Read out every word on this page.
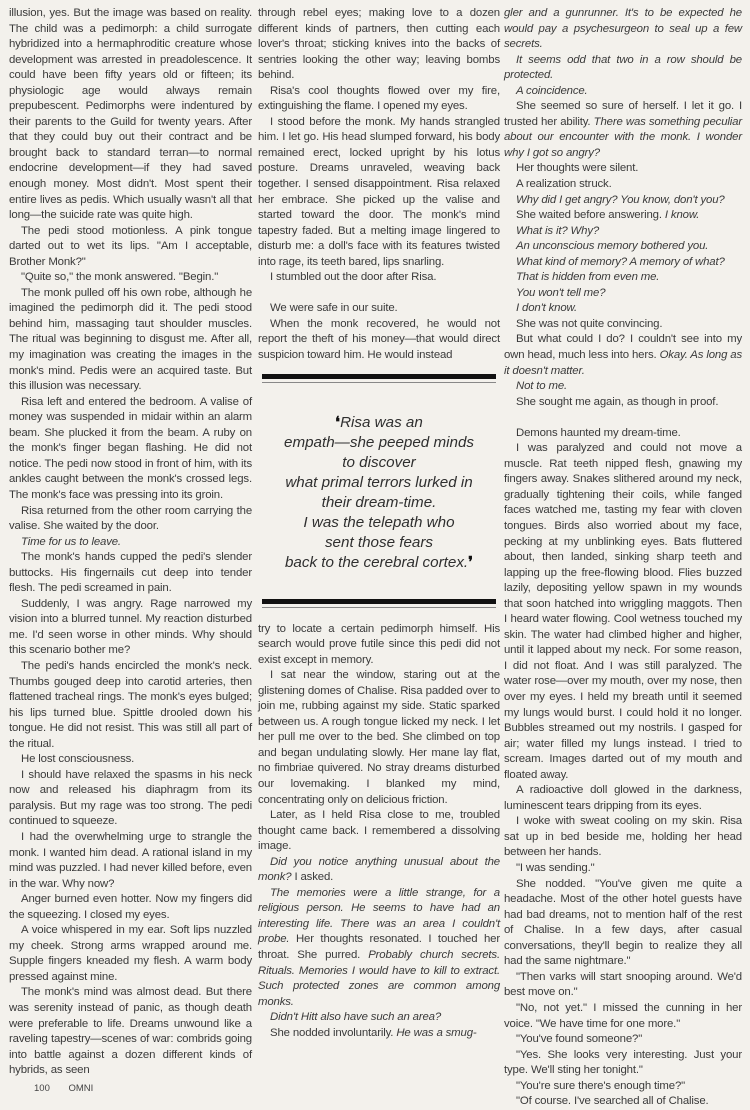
illusion, yes. But the image was based on reality. The child was a pedimorph: a child surrogate hybridized into a hermaphroditic creature whose development was arrested in preadolescence. It could have been fifty years old or fifteen; its physiologic age would always remain prepubescent. Pedimorphs were indentured by their parents to the Guild for twenty years. After that they could buy out their contract and be brought back to standard terran—to normal endocrine development—if they had saved enough money. Most didn't. Most spent their entire lives as pedis. Which usually wasn't all that long—the suicide rate was quite high.

The pedi stood motionless. A pink tongue darted out to wet its lips. "Am I acceptable, Brother Monk?"

"Quite so," the monk answered. "Begin."

The monk pulled off his own robe, although he imagined the pedimorph did it. The pedi stood behind him, massaging taut shoulder muscles. The ritual was beginning to disgust me. After all, my imagination was creating the images in the monk's mind. Pedis were an acquired taste. But this illusion was necessary.

Risa left and entered the bedroom. A valise of money was suspended in midair within an alarm beam. She plucked it from the beam. A ruby on the monk's finger began flashing. He did not notice. The pedi now stood in front of him, with its ankles caught between the monk's crossed legs. The monk's face was pressing into its groin.

Risa returned from the other room carrying the valise. She waited by the door.

Time for us to leave.

The monk's hands cupped the pedi's slender buttocks. His fingernails cut deep into tender flesh. The pedi screamed in pain.

Suddenly, I was angry. Rage narrowed my vision into a blurred tunnel. My reaction disturbed me. I'd seen worse in other minds. Why should this scenario bother me?

The pedi's hands encircled the monk's neck. Thumbs gouged deep into carotid arteries, then flattened tracheal rings. The monk's eyes bulged; his lips turned blue. Spittle drooled down his tongue. He did not resist. This was still all part of the ritual.

He lost consciousness.

I should have relaxed the spasms in his neck now and released his diaphragm from its paralysis. But my rage was too strong. The pedi continued to squeeze.

I had the overwhelming urge to strangle the monk. I wanted him dead. A rational island in my mind was puzzled. I had never killed before, even in the war. Why now?

Anger burned even hotter. Now my fingers did the squeezing. I closed my eyes.

A voice whispered in my ear. Soft lips nuzzled my cheek. Strong arms wrapped around me. Supple fingers kneaded my flesh. A warm body pressed against mine.

The monk's mind was almost dead. But there was serenity instead of panic, as though death were preferable to life. Dreams unwound like a raveling tapestry—scenes of war: combrids going into battle against a dozen different kinds of hybrids, as seen

100 OMNI

through rebel eyes; making love to a dozen different kinds of partners, then cutting each lover's throat; sticking knives into the backs of sentries looking the other way; leaving bombs behind.

Risa's cool thoughts flowed over my fire, extinguishing the flame. I opened my eyes.

I stood before the monk. My hands strangled him. I let go. His head slumped forward, his body remained erect, locked upright by his lotus posture. Dreams unraveled, weaving back together. I sensed disappointment. Risa relaxed her embrace. She picked up the valise and started toward the door. The monk's mind tapestry faded. But a melting image lingered to disturb me: a doll's face with its features twisted into rage, its teeth bared, lips snarling.

I stumbled out the door after Risa.

We were safe in our suite.

When the monk recovered, he would not report the theft of his money—that would direct suspicion toward him. He would instead

❛Risa was an
empath—she peeped minds
to discover
what primal terrors lurked in
their dream-time.
I was the telepath who
sent those fears
back to the cerebral cortex.❜

try to locate a certain pedimorph himself. His search would prove futile since this pedi did not exist except in memory.

I sat near the window, staring out at the glistening domes of Chalise. Risa padded over to join me, rubbing against my side. Static sparked between us. A rough tongue licked my neck. I let her pull me over to the bed. She climbed on top and began undulating slowly. Her mane lay flat, no fimbriae quivered. No stray dreams disturbed our lovemaking. I blanked my mind, concentrating only on delicious friction.

Later, as I held Risa close to me, troubled thought came back. I remembered a dissolving image.

Did you notice anything unusual about the monk? I asked.

The memories were a little strange, for a religious person. He seems to have had an interesting life. There was an area I couldn't probe. Her thoughts resonated. I touched her throat. She purred. Probably church secrets. Rituals. Memories I would have to kill to extract. Such protected zones are common among monks.

Didn't Hitt also have such an area?

She nodded involuntarily. He was a smug-

gler and a gunrunner. It's to be expected he would pay a psychesurgeon to seal up a few secrets.

It seems odd that two in a row should be protected.

A coincidence.

She seemed so sure of herself. I let it go. I trusted her ability. There was something peculiar about our encounter with the monk. I wonder why I got so angry?

Her thoughts were silent.

A realization struck.

Why did I get angry? You know, don't you?

She waited before answering. I know.

What is it? Why?

An unconscious memory bothered you.

What kind of memory? A memory of what?

That is hidden from even me.

You won't tell me?

I don't know.

She was not quite convincing.

But what could I do? I couldn't see into my own head, much less into hers. Okay. As long as it doesn't matter.

Not to me.

She sought me again, as though in proof.

Demons haunted my dream-time.

I was paralyzed and could not move a muscle. Rat teeth nipped flesh, gnawing my fingers away. Snakes slithered around my neck, gradually tightening their coils, while fanged faces watched me, tasting my fear with cloven tongues. Birds also worried about my face, pecking at my unblinking eyes. Bats fluttered about, then landed, sinking sharp teeth and lapping up the free-flowing blood. Flies buzzed lazily, depositing yellow spawn in my wounds that soon hatched into wriggling maggots. Then I heard water flowing. Cool wetness touched my skin. The water had climbed higher and higher, until it lapped about my neck. For some reason, I did not float. And I was still paralyzed. The water rose—over my mouth, over my nose, then over my eyes. I held my breath until it seemed my lungs would burst. I could hold it no longer. Bubbles streamed out my nostrils. I gasped for air; water filled my lungs instead. I tried to scream. Images darted out of my mouth and floated away.

A radioactive doll glowed in the darkness, luminescent tears dripping from its eyes.

I woke with sweat cooling on my skin. Risa sat up in bed beside me, holding her head between her hands.

"I was sending."

She nodded. "You've given me quite a headache. Most of the other hotel guests have had bad dreams, not to mention half of the rest of Chalise. In a few days, after casual conversations, they'll begin to realize they all had the same nightmare."

"Then varks will start snooping around. We'd best move on."

"No, not yet." I missed the cunning in her voice. "We have time for one more."

"You've found someone?"

"Yes. She looks very interesting. Just your type. We'll sting her tonight."

"You're sure there's enough time?"

"Of course. I've searched all of Chalise.
